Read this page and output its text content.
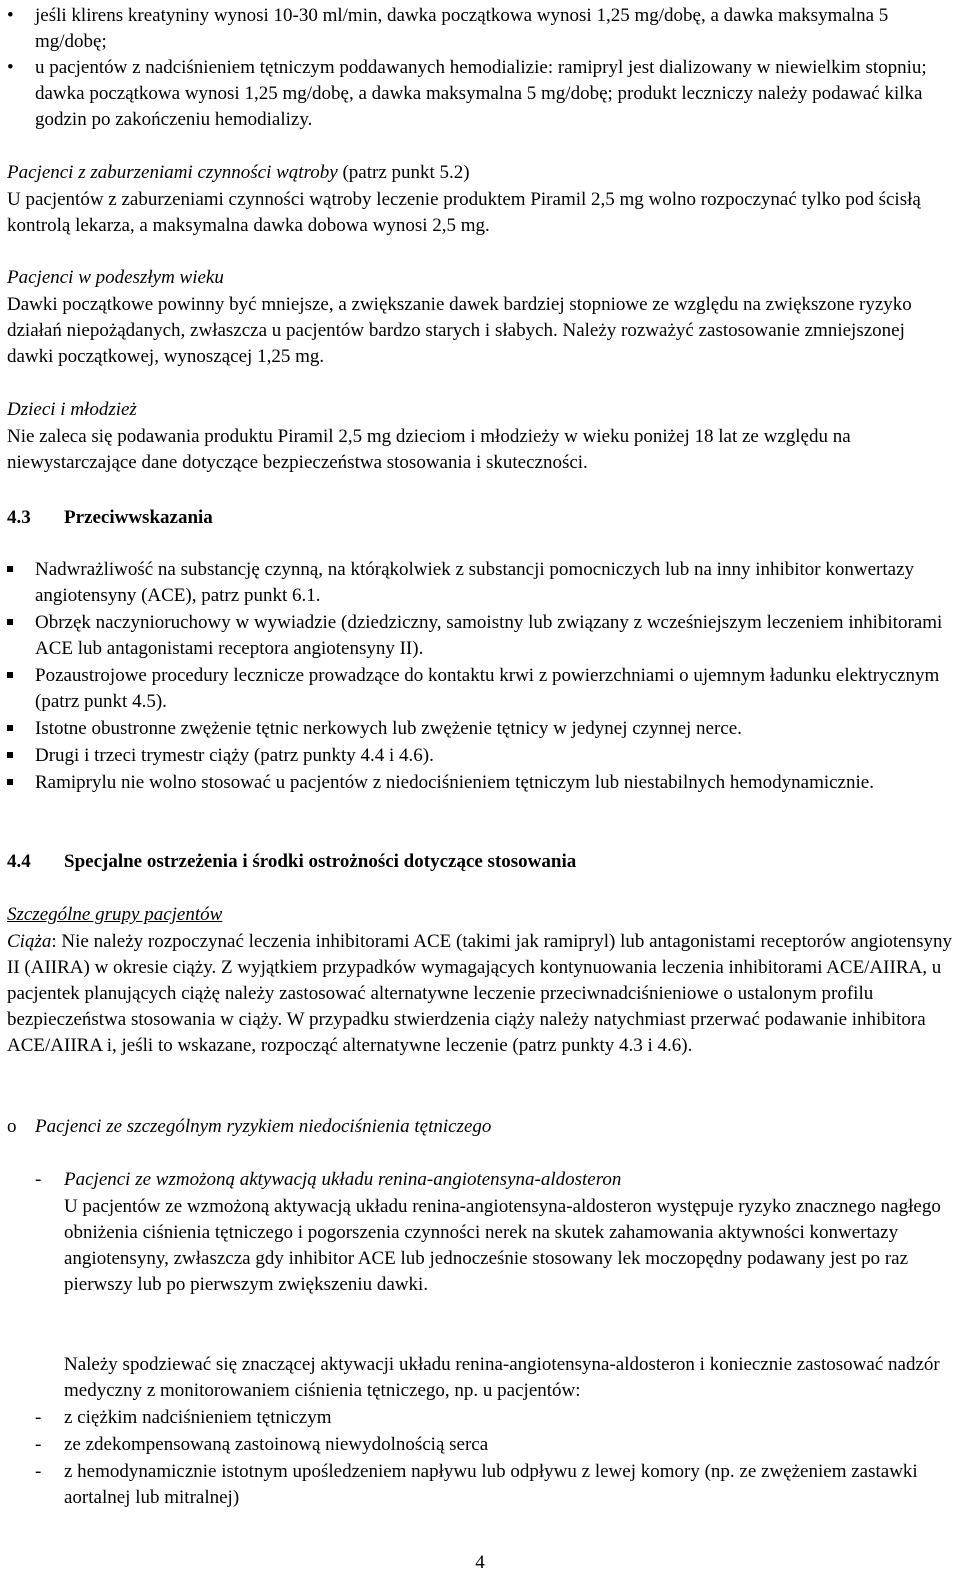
•	jeśli klirens kreatyniny wynosi 10-30 ml/min, dawka początkowa wynosi 1,25 mg/dobę, a dawka maksymalna 5 mg/dobę;
•	u pacjentów z nadciśnieniem tętniczym poddawanych hemodializie: ramipryl jest dializowany w niewielkim stopniu; dawka początkowa wynosi 1,25 mg/dobę, a dawka maksymalna 5 mg/dobę; produkt leczniczy należy podawać kilka godzin po zakończeniu hemodializy.

Pacjenci z zaburzeniami czynności wątroby (patrz punkt 5.2)

U pacjentów z zaburzeniami czynności wątroby leczenie produktem Piramil 2,5 mg wolno rozpoczynać tylko pod ścisłą kontrolą lekarza, a maksymalna dawka dobowa wynosi 2,5 mg.

Pacjenci w podeszłym wieku

Dawki początkowe powinny być mniejsze, a zwiększanie dawek bardziej stopniowe ze względu na zwiększone ryzyko działań niepożądanych, zwłaszcza u pacjentów bardzo starych i słabych. Należy rozważyć zastosowanie zmniejszonej dawki początkowej, wynoszącej 1,25 mg.

Dzieci i młodzież

Nie zaleca się podawania produktu Piramil 2,5 mg dzieciom i młodzieży w wieku poniżej 18 lat ze względu na niewystarczające dane dotyczące bezpieczeństwa stosowania i skuteczności.

4.3 Przeciwwskazania
Nadwrażliwość na substancję czynną, na którąkolwiek z substancji pomocniczych lub na inny inhibitor konwertazy angiotensyny (ACE), patrz punkt 6.1.
Obrzęk naczynioruchowy w wywiadzie (dziedziczny, samoistny lub związany z wcześniejszym leczeniem inhibitorami ACE lub antagonistami receptora angiotensyny II).
Pozaustrojowe procedury lecznicze prowadzące do kontaktu krwi z powierzchniami o ujemnym ładunku elektrycznym (patrz punkt 4.5).
Istotne obustronne zwężenie tętnic nerkowych lub zwężenie tętnicy w jedynej czynnej nerce.
Drugi i trzeci trymestr ciąży (patrz punkty 4.4 i 4.6).
Ramiprylu nie wolno stosować u pacjentów z niedociśnieniem tętniczym lub niestabilnych hemodynamicznie.
4.4 Specjalne ostrzeżenia i środki ostrożności dotyczące stosowania

Szczególne grupy pacjentów

Ciąża: Nie należy rozpoczynać leczenia inhibitorami ACE (takimi jak ramipryl) lub antagonistami receptorów angiotensyny II (AIIRA) w okresie ciąży. Z wyjątkiem przypadków wymagających kontynuowania leczenia inhibitorami ACE/AIIRA, u pacjentek planujących ciążę należy zastosować alternatywne leczenie przeciwnadciśnieniowe o ustalonym profilu bezpieczeństwa stosowania w ciąży. W przypadku stwierdzenia ciąży należy natychmiast przerwać podawanie inhibitora ACE/AIIRA i, jeśli to wskazane, rozpocząć alternatywne leczenie (patrz punkty 4.3 i 4.6).

o Pacjenci ze szczególnym ryzykiem niedociśnienia tętniczego
- Pacjenci ze wzmożoną aktywacją układu renina-angiotensyna-aldosteron

U pacjentów ze wzmożoną aktywacją układu renina-angiotensyna-aldosteron występuje ryzyko znacznego nagłego obniżenia ciśnienia tętniczego i pogorszenia czynności nerek na skutek zahamowania aktywności konwertazy angiotensyny, zwłaszcza gdy inhibitor ACE lub jednocześnie stosowany lek moczopędny podawany jest po raz pierwszy lub po pierwszym zwiększeniu dawki.

Należy spodziewać się znaczącej aktywacji układu renina-angiotensyna-aldosteron i koniecznie zastosować nadzór medyczny z monitorowaniem ciśnienia tętniczego, np. u pacjentów:

- z ciężkim nadciśnieniem tętniczym

- ze zdekompensowaną zastoinową niewydolnością serca

- z hemodynamicznie istotnym upośledzeniem napływu lub odpływu z lewej komory (np. ze zwężeniem zastawki aortalnej lub mitralnej)

4
